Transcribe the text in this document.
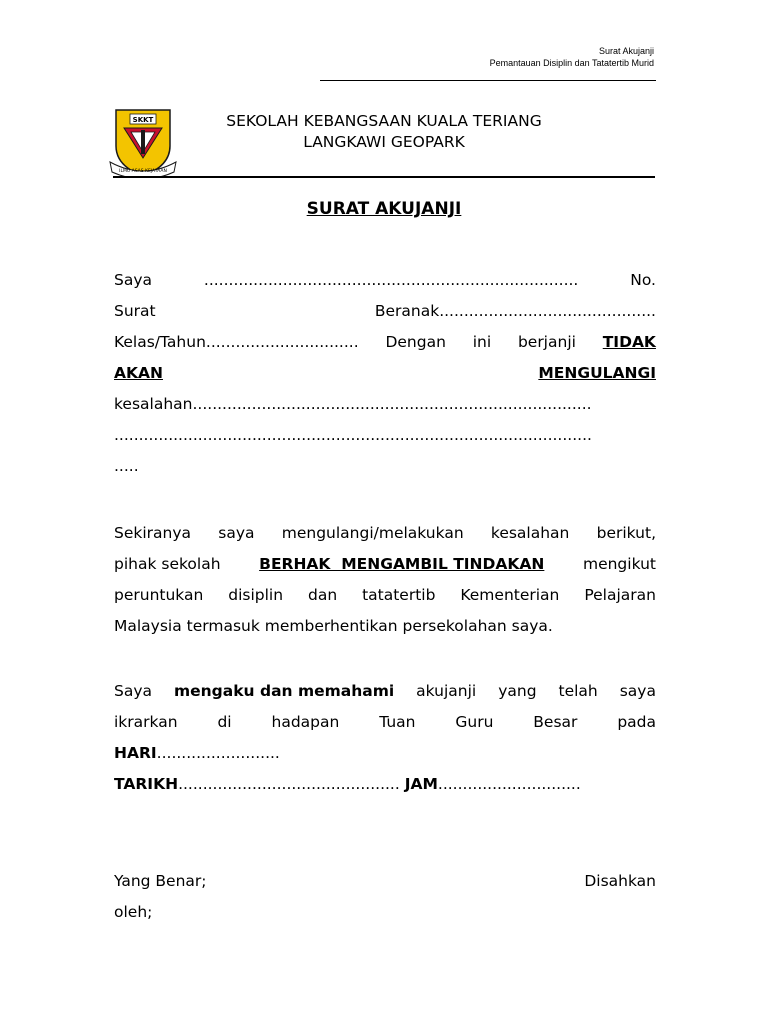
Surat Akujanji
Pemantauan Disiplin dan Tatatertib Murid
SKKT
ILMU ASAS KEJAYAAN
SEKOLAH KEBANGSAAN KUALA TERIANG
LANGKAWI GEOPARK
SURAT AKUJANJI
Saya	............................................................................	No.
Surat	Beranak............................................
Kelas/Tahun............................... Dengan ini berjanji TIDAK
AKAN	MENGULANGI
kesalahan.................................................................................
.................................................................................................
.....
Sekiranya saya mengulangi/melakukan kesalahan berikut,
pihak sekolah BERHAK  MENGAMBIL TINDAKAN mengikut
peruntukan disiplin dan tatatertib Kementerian Pelajaran
Malaysia termasuk memberhentikan persekolahan saya.
Saya mengaku dan memahami akujanji yang telah saya
ikrarkan	di	hadapan	Tuan	Guru	Besar	pada
HARI.........................
TARIKH............................................. JAM.............................
Yang Benar;	Disahkan
oleh;
